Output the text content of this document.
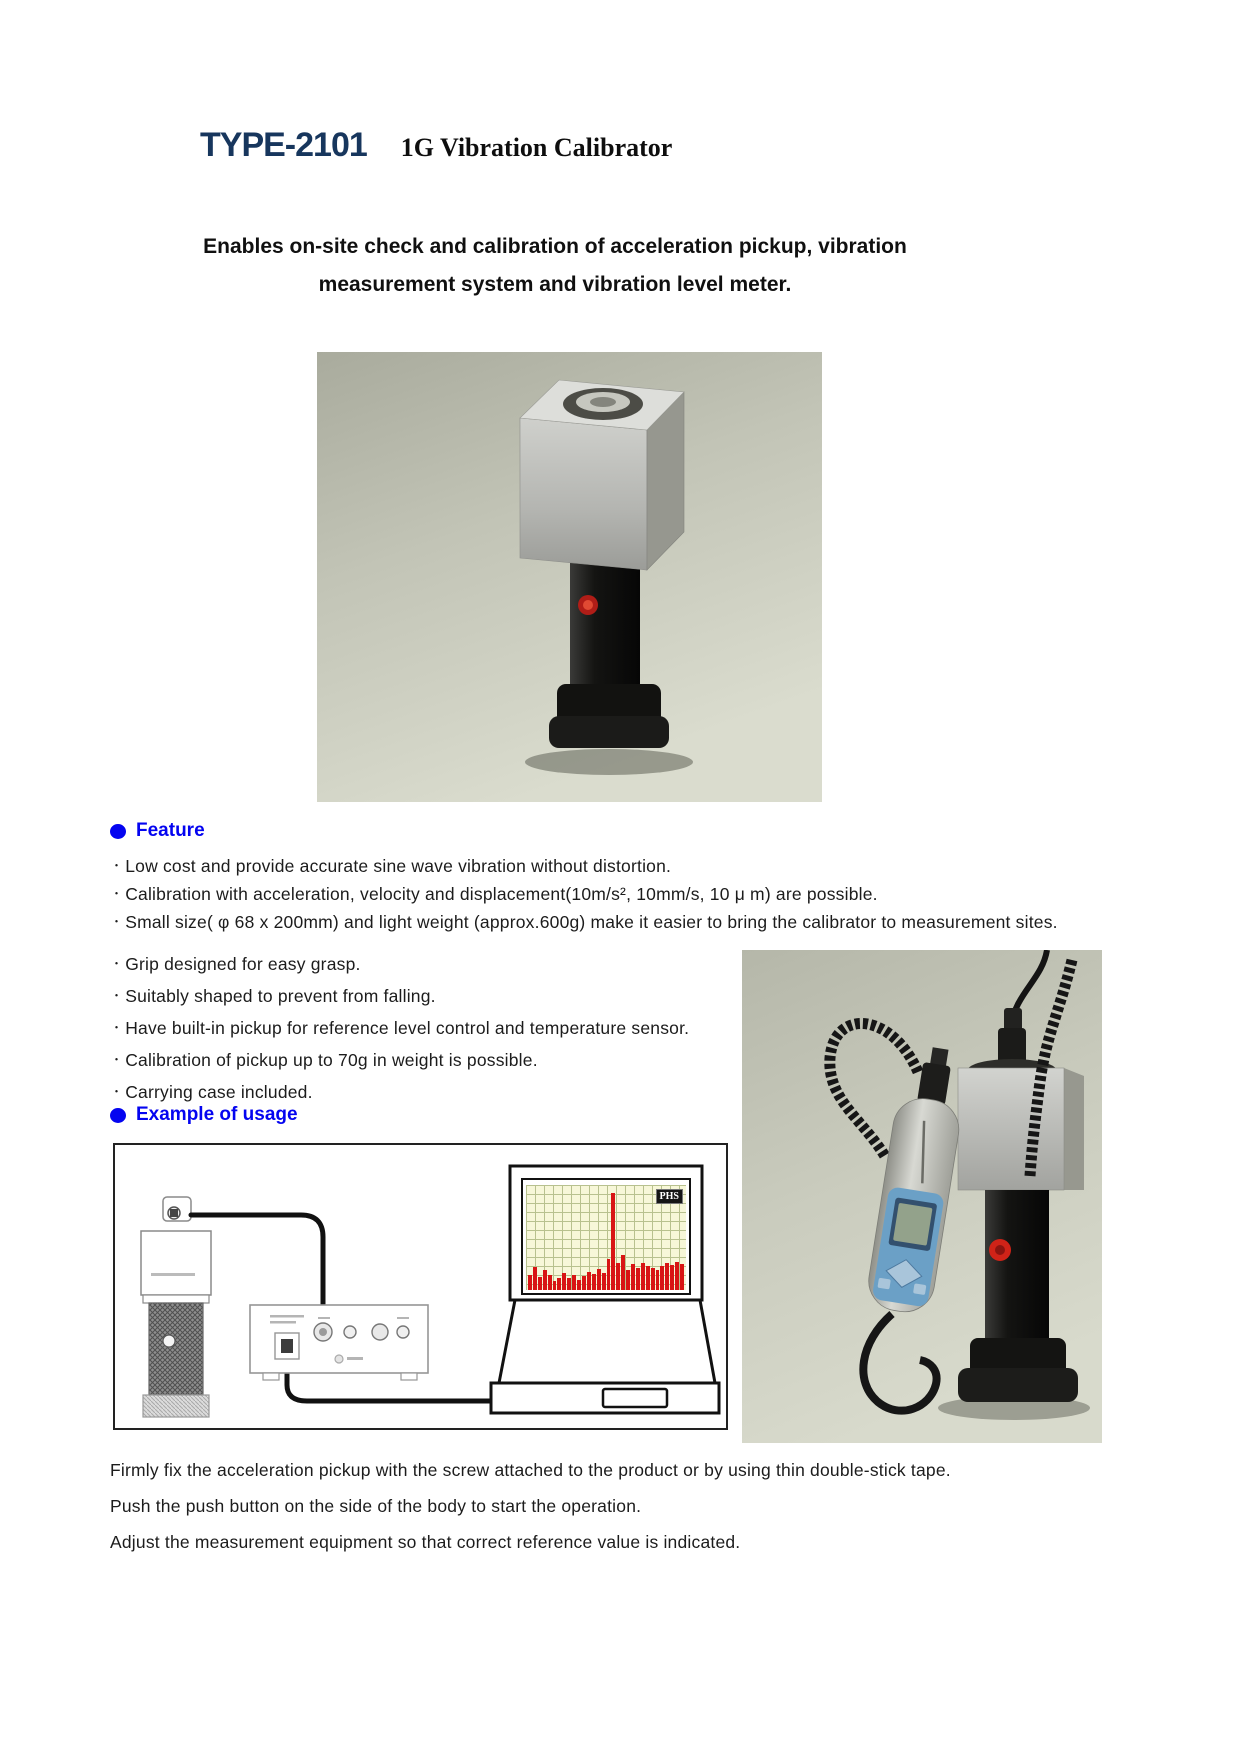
TYPE-2101 1G Vibration Calibrator
Enables on-site check and calibration of acceleration pickup, vibration
measurement system and vibration level meter.
Feature
・ Low cost and provide accurate sine wave vibration without distortion.
・ Calibration with acceleration, velocity and displacement(10m/s², 10mm/s, 10 μ m) are possible.
・ Small size( φ 68 x 200mm) and light weight (approx.600g) make it easier to bring the calibrator to measurement sites.
・ Grip designed for easy grasp.
・ Suitably shaped to prevent from falling.
・ Have built-in pickup for reference level control and temperature sensor.
・ Calibration of pickup up to 70g in weight is possible.
・ Carrying case included.
Example of usage
PHS
Firmly fix the acceleration pickup with the screw attached to the product or by using thin double-stick tape.
Push the push button on the side of the body to start the operation.
Adjust the measurement equipment so that correct reference value is indicated.
